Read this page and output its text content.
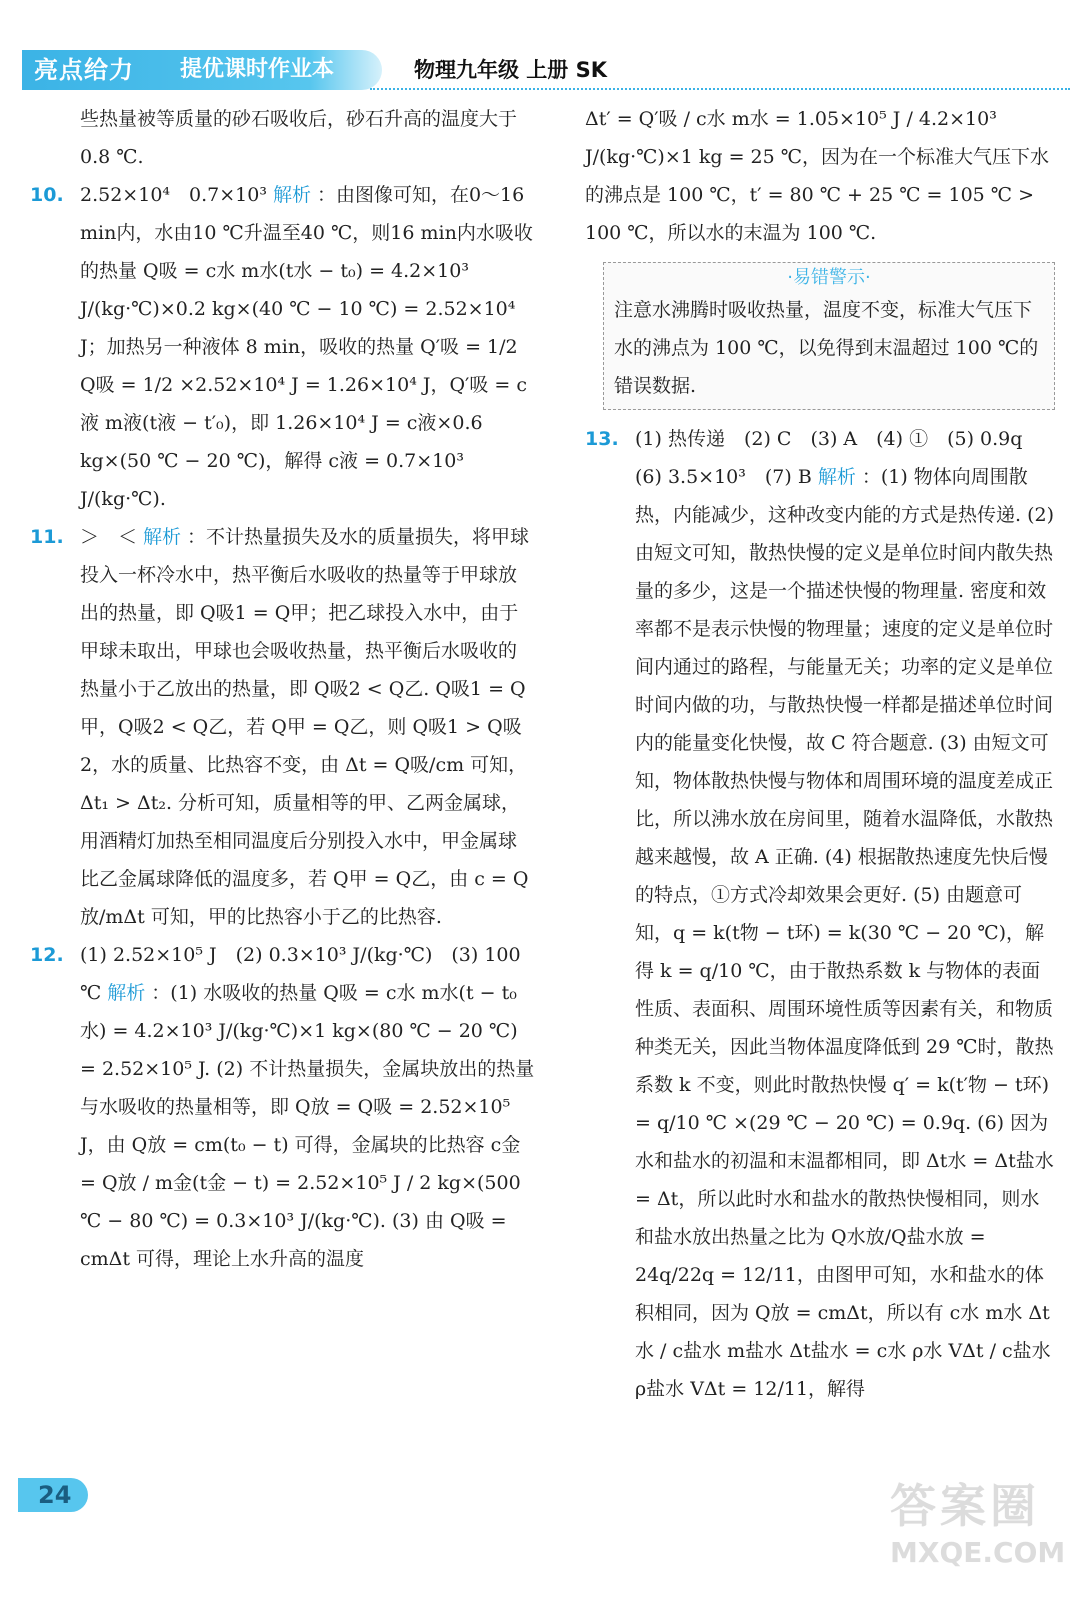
亮点给力 提优课时作业本	物理九年级 上册 SK

些热量被等质量的砂石吸收后，砂石升高的温度大于 0.8 ℃.

10. 2.52×10⁴　0.7×10³ 解析 ：由图像可知，在0～16 min内，水由10 ℃升温至40 ℃，则16 min内水吸收的热量 Q吸 = c水 m水(t水 − t₀) = 4.2×10³ J/(kg·℃)×0.2 kg×(40 ℃ − 10 ℃) = 2.52×10⁴ J；加热另一种液体 8 min，吸收的热量 Q′吸 = 1/2 Q吸 = 1/2 ×2.52×10⁴ J = 1.26×10⁴ J，Q′吸 = c液 m液(t液 − t′₀)，即 1.26×10⁴ J = c液×0.6 kg×(50 ℃ − 20 ℃)，解得 c液 = 0.7×10³ J/(kg·℃).
11. ＞　＜ 解析 ：不计热量损失及水的质量损失，将甲球投入一杯冷水中，热平衡后水吸收的热量等于甲球放出的热量，即 Q吸1 = Q甲；把乙球投入水中，由于甲球未取出，甲球也会吸收热量，热平衡后水吸收的热量小于乙放出的热量，即 Q吸2 < Q乙. Q吸1 = Q甲，Q吸2 < Q乙，若 Q甲 = Q乙，则 Q吸1 > Q吸2，水的质量、比热容不变，由 Δt = Q吸/cm 可知，Δt₁ > Δt₂. 分析可知，质量相等的甲、乙两金属球，用酒精灯加热至相同温度后分别投入水中，甲金属球比乙金属球降低的温度多，若 Q甲 = Q乙，由 c = Q放/mΔt 可知，甲的比热容小于乙的比热容.
12. (1) 2.52×10⁵ J　(2) 0.3×10³ J/(kg·℃)　(3) 100 ℃ 解析 ：(1) 水吸收的热量 Q吸 = c水 m水(t − t₀水) = 4.2×10³ J/(kg·℃)×1 kg×(80 ℃ − 20 ℃) = 2.52×10⁵ J. (2) 不计热量损失，金属块放出的热量与水吸收的热量相等，即 Q放 = Q吸 = 2.52×10⁵ J，由 Q放 = cm(t₀ − t) 可得，金属块的比热容 c金 = Q放 / m金(t金 − t) = 2.52×10⁵ J / 2 kg×(500 ℃ − 80 ℃) = 0.3×10³ J/(kg·℃). (3) 由 Q吸 = cmΔt 可得，理论上水升高的温度

Δt′ = Q′吸 / c水 m水 = 1.05×10⁵ J / 4.2×10³ J/(kg·℃)×1 kg = 25 ℃，因为在一个标准大气压下水的沸点是 100 ℃，t′ = 80 ℃ + 25 ℃ = 105 ℃ > 100 ℃，所以水的末温为 100 ℃.

·易错警示·
注意水沸腾时吸收热量，温度不变，标准大气压下水的沸点为 100 ℃，以免得到末温超过 100 ℃的错误数据.
13. (1) 热传递　(2) C　(3) A　(4) ①　(5) 0.9q　(6) 3.5×10³　(7) B 解析 ：(1) 物体向周围散热，内能减少，这种改变内能的方式是热传递. (2) 由短文可知，散热快慢的定义是单位时间内散失热量的多少，这是一个描述快慢的物理量. 密度和效率都不是表示快慢的物理量；速度的定义是单位时间内通过的路程，与能量无关；功率的定义是单位时间内做的功，与散热快慢一样都是描述单位时间内的能量变化快慢，故 C 符合题意. (3) 由短文可知，物体散热快慢与物体和周围环境的温度差成正比，所以沸水放在房间里，随着水温降低，水散热越来越慢，故 A 正确. (4) 根据散热速度先快后慢的特点，①方式冷却效果会更好. (5) 由题意可知，q = k(t物 − t环) = k(30 ℃ − 20 ℃)，解得 k = q/10 ℃，由于散热系数 k 与物体的表面性质、表面积、周围环境性质等因素有关，和物质种类无关，因此当物体温度降低到 29 ℃时，散热系数 k 不变，则此时散热快慢 q′ = k(t′物 − t环) = q/10 ℃ ×(29 ℃ − 20 ℃) = 0.9q. (6) 因为水和盐水的初温和末温都相同，即 Δt水 = Δt盐水 = Δt，所以此时水和盐水的散热快慢相同，则水和盐水放出热量之比为 Q水放/Q盐水放 = 24q/22q = 12/11，由图甲可知，水和盐水的体积相同，因为 Q放 = cmΔt，所以有 c水 m水 Δt水 / c盐水 m盐水 Δt盐水 = c水 ρ水 VΔt / c盐水 ρ盐水 VΔt = 12/11，解得
24	答案圈
MXQE.COM
